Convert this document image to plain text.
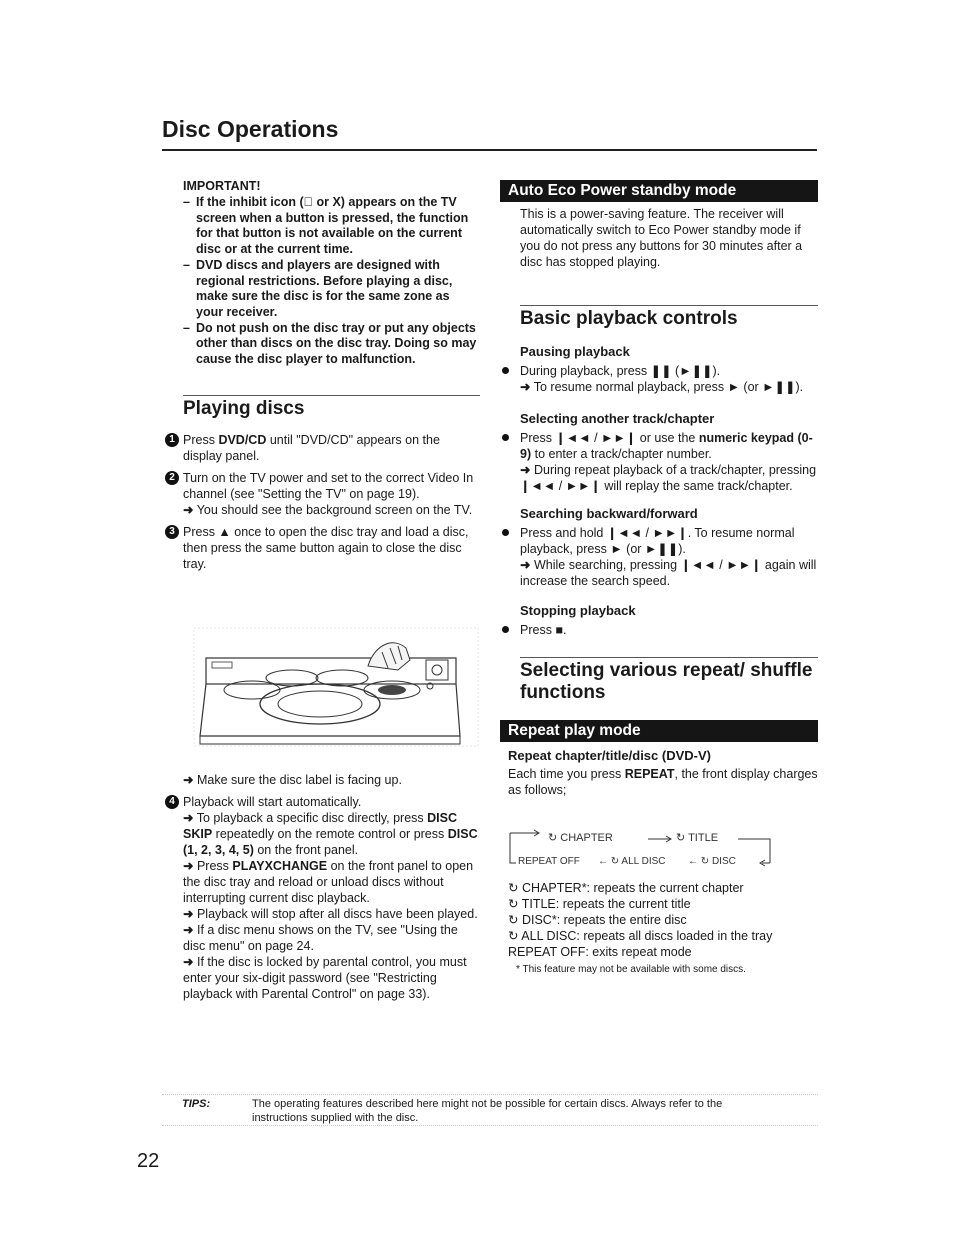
Disc Operations
IMPORTANT!
– If the inhibit icon (⃠ or X) appears on the TV screen when a button is pressed, the function for that button is not available on the current disc or at the current time.
– DVD discs and players are designed with regional restrictions. Before playing a disc, make sure the disc is for the same zone as your receiver.
– Do not push on the disc tray or put any objects other than discs on the disc tray. Doing so may cause the disc player to malfunction.
Playing discs
1 Press DVD/CD until "DVD/CD" appears on the display panel.
2 Turn on the TV power and set to the correct Video In channel (see "Setting the TV" on page 19).
➜ You should see the background screen on the TV.
3 Press ▲ once to open the disc tray and load a disc, then press the same button again to close the disc tray.
➜ Make sure the disc label is facing up.
4 Playback will start automatically.
➜ To playback a specific disc directly, press DISC SKIP repeatedly on the remote control or press DISC (1, 2, 3, 4, 5) on the front panel.
➜ Press PLAYXCHANGE on the front panel to open the disc tray and reload or unload discs without interrupting current disc playback.
➜ Playback will stop after all discs have been played.
➜ If a disc menu shows on the TV, see "Using the disc menu" on page 24.
➜ If the disc is locked by parental control, you must enter your six-digit password (see "Restricting playback with Parental Control" on page 33).
Auto Eco Power standby mode
This is a power-saving feature. The receiver will automatically switch to Eco Power standby mode if you do not press any buttons for 30 minutes after a disc has stopped playing.
Basic playback controls
Pausing playback
During playback, press ❚❚ (►❚❚).
➜ To resume normal playback, press ► (or ►❚❚).
Selecting another track/chapter
Press ❙◄◄ / ►►❙ or use the numeric keypad (0-9) to enter a track/chapter number.
➜ During repeat playback of a track/chapter, pressing ❙◄◄ / ►►❙ will replay the same track/chapter.
Searching backward/forward
Press and hold ❙◄◄ / ►►❙. To resume normal playback, press ► (or ►❚❚).
➜ While searching, pressing ❙◄◄ / ►►❙ again will increase the search speed.
Stopping playback
Press ■.
Selecting various repeat/ shuffle functions
Repeat play mode
Repeat chapter/title/disc (DVD-V)
Each time you press REPEAT, the front display charges as follows;
↻ CHAPTER	↻ TITLE
REPEAT OFF ← ↻ ALL DISC ← ↻ DISC
↻ CHAPTER*: repeats the current chapter
↻ TITLE: repeats the current title
↻ DISC*: repeats the entire disc
↻ ALL DISC: repeats all discs loaded in the tray
REPEAT OFF: exits repeat mode
* This feature may not be available with some discs.
TIPS:	The operating features described here might not be possible for certain discs. Always refer to the instructions supplied with the disc.
22
